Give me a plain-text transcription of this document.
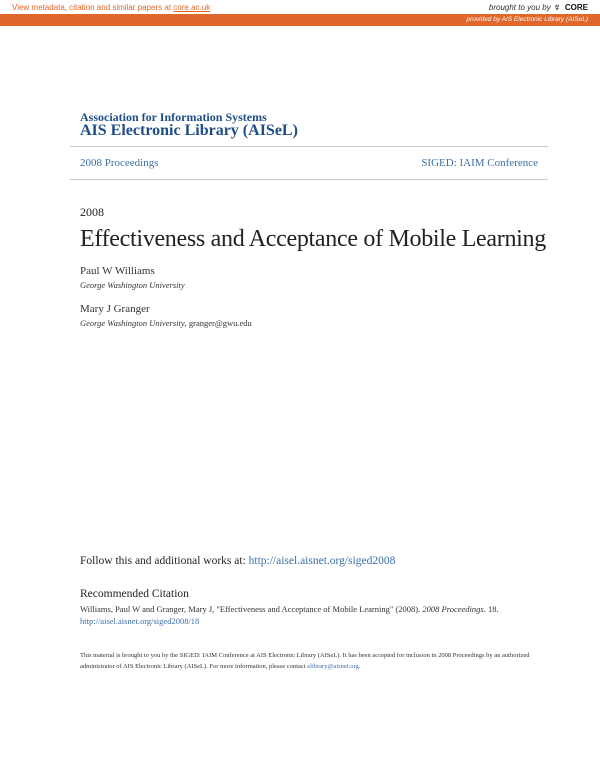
View metadata, citation and similar papers at core.ac.uk	brought to you by ↯ CORE
provided by AIS Electronic Library (AISeL)
Association for Information Systems
AIS Electronic Library (AISeL)
2008 Proceedings	SIGED: IAIM Conference
2008
Effectiveness and Acceptance of Mobile Learning
Paul W Williams
George Washington University
Mary J Granger
George Washington University, granger@gwu.edu
Follow this and additional works at: http://aisel.aisnet.org/siged2008
Recommended Citation
Williams, Paul W and Granger, Mary J, "Effectiveness and Acceptance of Mobile Learning" (2008). 2008 Proceedings. 18.
http://aisel.aisnet.org/siged2008/18
This material is brought to you by the SIGED: IAIM Conference at AIS Electronic Library (AISeL). It has been accepted for inclusion in 2008 Proceedings by an authorized administrator of AIS Electronic Library (AISeL). For more information, please contact elibrary@aisnet.org.
